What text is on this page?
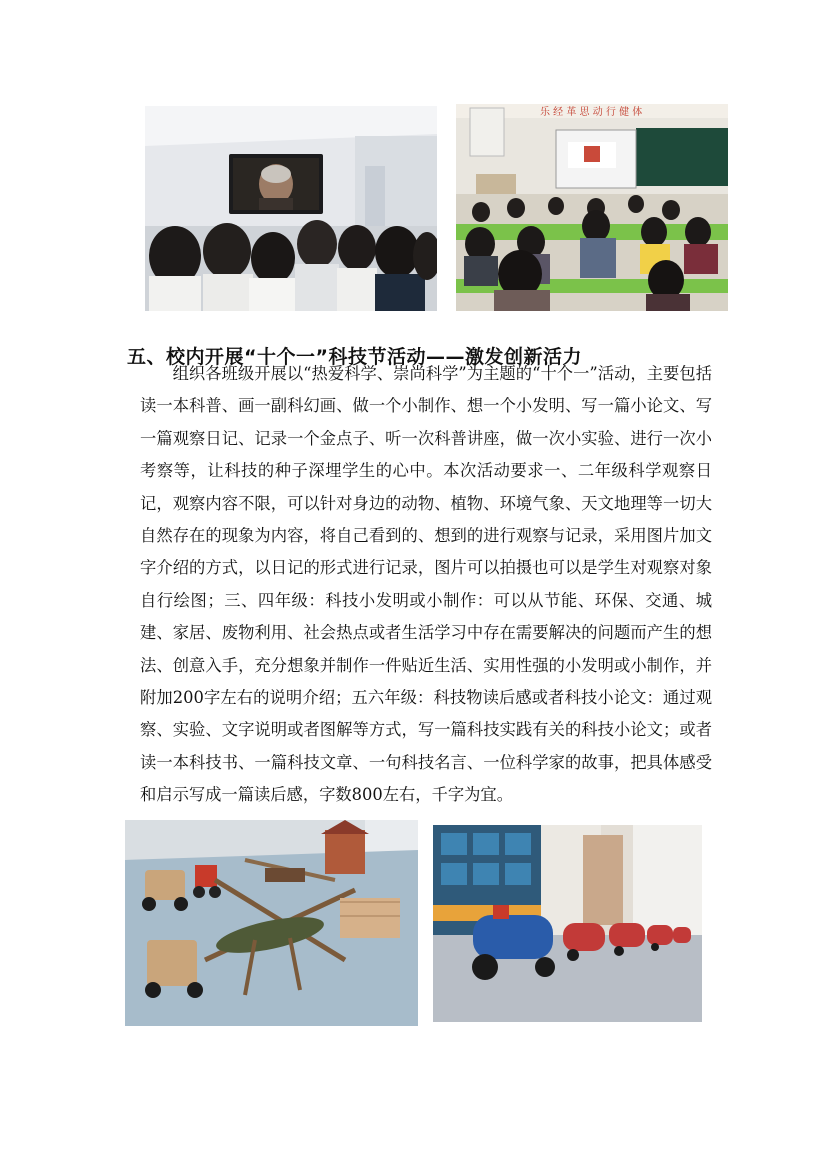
乐 经 革 思 动 行 健 体
五、校内开展“十个一”科技节活动——激发创新活力

组织各班级开展以“热爱科学、崇尚科学”为主题的“十个一”活动，主要包括读一本科普、画一副科幻画、做一个小制作、想一个小发明、写一篇小论文、写一篇观察日记、记录一个金点子、听一次科普讲座，做一次小实验、进行一次小考察等，让科技的种子深埋学生的心中。本次活动要求一、二年级科学观察日记，观察内容不限，可以针对身边的动物、植物、环境气象、天文地理等一切大自然存在的现象为内容，将自己看到的、想到的进行观察与记录，采用图片加文字介绍的方式，以日记的形式进行记录，图片可以拍摄也可以是学生对观察对象自行绘图；三、四年级：科技小发明或小制作：可以从节能、环保、交通、城建、家居、废物利用、社会热点或者生活学习中存在需要解决的问题而产生的想法、创意入手，充分想象并制作一件贴近生活、实用性强的小发明或小制作，并附加200字左右的说明介绍；五六年级：科技物读后感或者科技小论文：通过观察、实验、文字说明或者图解等方式，写一篇科技实践有关的科技小论文；或者读一本科技书、一篇科技文章、一句科技名言、一位科学家的故事，把具体感受和启示写成一篇读后感，字数800左右，千字为宜。
